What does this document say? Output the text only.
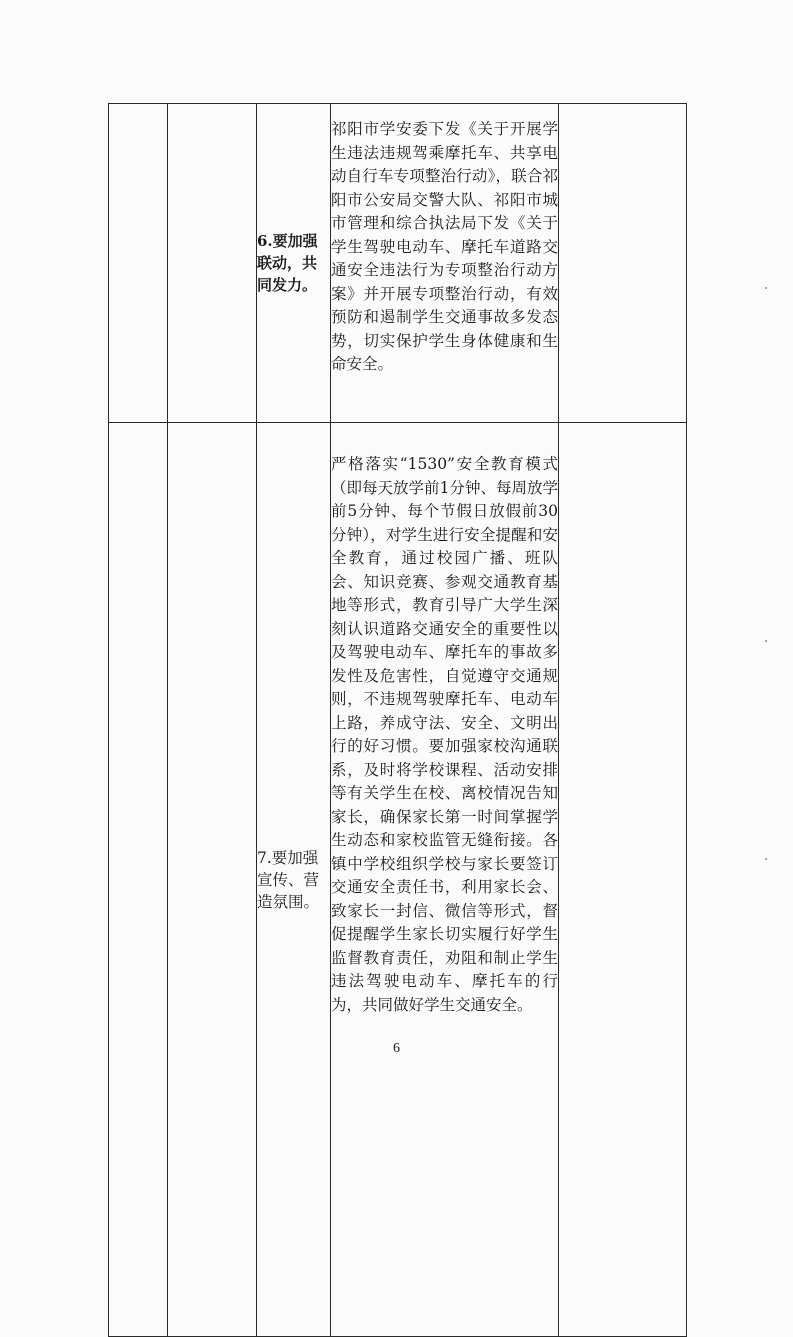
		6.要加强联动，共同发力。	祁阳市学安委下发《关于开展学生违法违规驾乘摩托车、共享电动自行车专项整治行动》，联合祁阳市公安局交警大队、祁阳市城市管理和综合执法局下发《关于学生驾驶电动车、摩托车道路交通安全违法行为专项整治行动方案》并开展专项整治行动，有效预防和遏制学生交通事故多发态势，切实保护学生身体健康和生命安全。	
		7.要加强宣传、营造氛围。	严格落实“1530”安全教育模式（即每天放学前1分钟、每周放学前5分钟、每个节假日放假前30分钟），对学生进行安全提醒和安全教育，通过校园广播、班队会、知识竞赛、参观交通教育基地等形式，教育引导广大学生深刻认识道路交通安全的重要性以及驾驶电动车、摩托车的事故多发性及危害性，自觉遵守交通规则，不违规驾驶摩托车、电动车上路，养成守法、安全、文明出行的好习惯。要加强家校沟通联系，及时将学校课程、活动安排等有关学生在校、离校情况告知家长，确保家长第一时间掌握学生动态和家校监管无缝衔接。各镇中学校组织学校与家长要签订交通安全责任书，利用家长会、致家长一封信、微信等形式，督促提醒学生家长切实履行好学生监督教育责任，劝阻和制止学生违法驾驶电动车、摩托车的行为，共同做好学生交通安全。	
6
